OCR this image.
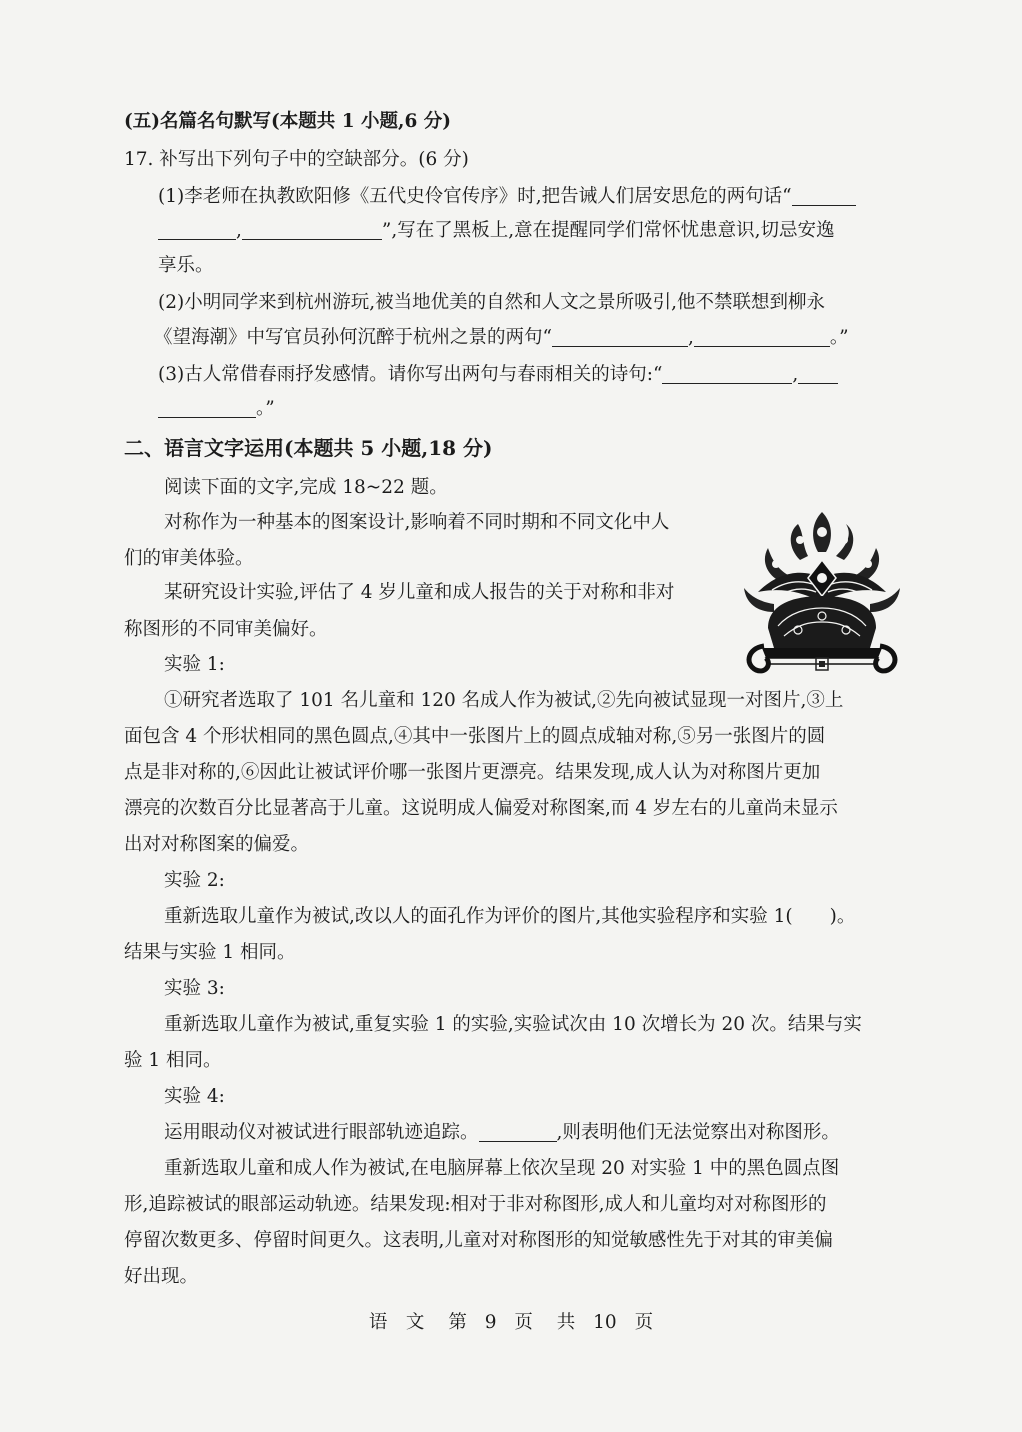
(五)名篇名句默写(本题共 1 小题,6 分)
17. 补写出下列句子中的空缺部分。(6 分)
(1)李老师在执教欧阳修《五代史伶官传序》时,把告诫人们居安思危的两句话“
,	”,写在了黑板上,意在提醒同学们常怀忧患意识,切忌安逸
享乐。
(2)小明同学来到杭州游玩,被当地优美的自然和人文之景所吸引,他不禁联想到柳永
《望海潮》中写官员孙何沉醉于杭州之景的两句“	,	。”
(3)古人常借春雨抒发感情。请你写出两句与春雨相关的诗句:“	,
。”
二、语言文字运用(本题共 5 小题,18 分)
阅读下面的文字,完成 18~22 题。
对称作为一种基本的图案设计,影响着不同时期和不同文化中人
们的审美体验。
某研究设计实验,评估了 4 岁儿童和成人报告的关于对称和非对
称图形的不同审美偏好。
实验 1:
①研究者选取了 101 名儿童和 120 名成人作为被试,②先向被试显现一对图片,③上
面包含 4 个形状相同的黑色圆点,④其中一张图片上的圆点成轴对称,⑤另一张图片的圆
点是非对称的,⑥因此让被试评价哪一张图片更漂亮。结果发现,成人认为对称图片更加
漂亮的次数百分比显著高于儿童。这说明成人偏爱对称图案,而 4 岁左右的儿童尚未显示
出对对称图案的偏爱。
实验 2:
重新选取儿童作为被试,改以人的面孔作为评价的图片,其他实验程序和实验 1(　　)。
结果与实验 1 相同。
实验 3:
重新选取儿童作为被试,重复实验 1 的实验,实验试次由 10 次增长为 20 次。结果与实
验 1 相同。
实验 4:
运用眼动仪对被试进行眼部轨迹追踪。	,则表明他们无法觉察出对称图形。
重新选取儿童和成人作为被试,在电脑屏幕上依次呈现 20 对实验 1 中的黑色圆点图
形,追踪被试的眼部运动轨迹。结果发现:相对于非对称图形,成人和儿童均对对称图形的
停留次数更多、停留时间更久。这表明,儿童对对称图形的知觉敏感性先于对其的审美偏
好出现。
语　文 第 9 页 共 10 页
